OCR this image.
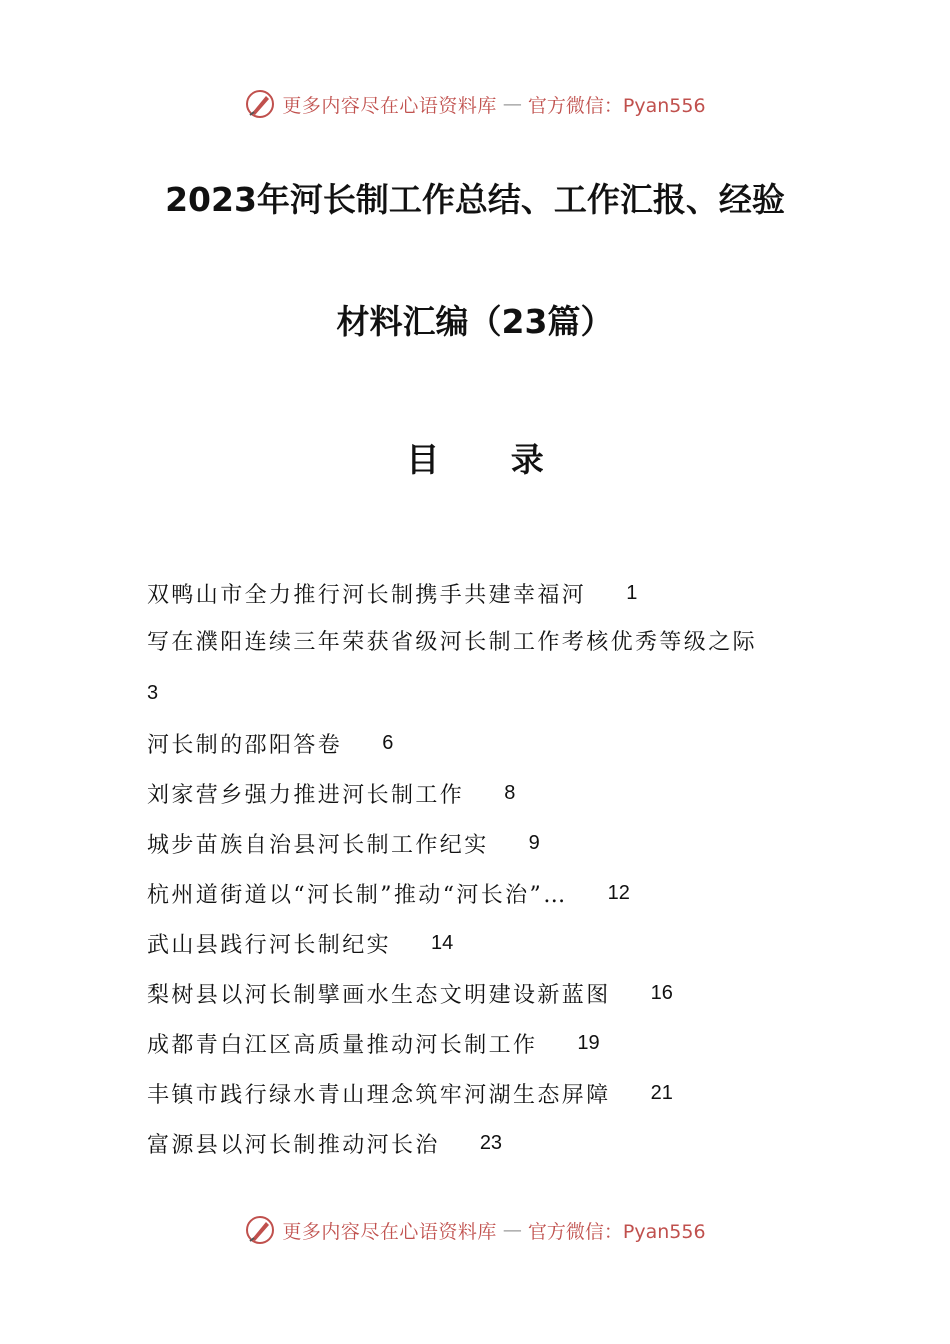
更多内容尽在心语资料库 — 官方微信：Pyan556
2023年河长制工作总结、工作汇报、经验
材料汇编（23篇）
目 录
双鸭山市全力推行河长制携手共建幸福河 1
写在濮阳连续三年荣获省级河长制工作考核优秀等级之际
3
河长制的邵阳答卷 6
刘家营乡强力推进河长制工作 8
城步苗族自治县河长制工作纪实 9
杭州道街道以“河长制”推动“河长治”… 12
武山县践行河长制纪实 14
梨树县以河长制擘画水生态文明建设新蓝图 16
成都青白江区高质量推动河长制工作 19
丰镇市践行绿水青山理念筑牢河湖生态屏障 21
富源县以河长制推动河长治 23
更多内容尽在心语资料库 — 官方微信：Pyan556
